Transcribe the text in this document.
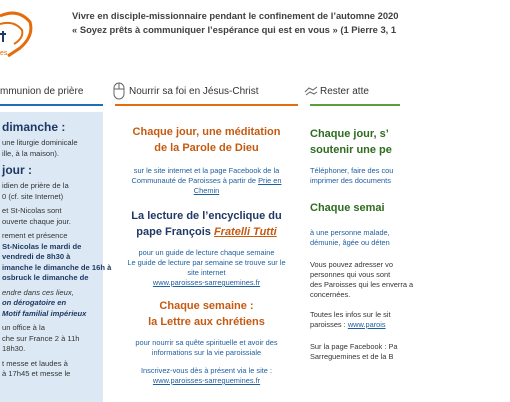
es
Vivre en disciple-missionnaire pendant le confinement de l’automne 2020
« Soyez prêts à communiquer l’espérance qui est en vous » (1 Pierre 3, 1
mmunion de prière	Nourrir sa foi en Jésus-Christ	Rester atte
dimanche :

une liturgie dominicale

ille, à la maison).

jour :

idien de prière de la

0 (cf. site Internet)

et St-Nicolas sont

ouverte chaque jour.

rement et présence

St-Nicolas le mardi de

vendredi de 8h30 à

imanche le dimanche de 16h à

osbruck le dimanche de

endre dans ces lieux,

on dérogatoire en

Motif familial impérieux

un office à la

che sur France 2 à 11h

18h30.

t messe et laudes à

à 17h45 et messe le

Chaque jour, une méditation de la Parole de Dieu
sur le site internet et la page Facebook de la Communauté de Paroisses à partir de Prie en Chemin
La lecture de l’encyclique du pape François Fratelli Tutti
pour un guide de lecture chaque semaine
Le guide de lecture par semaine se trouve sur le site internet
www.paroisses-sarreguemines.fr
Chaque semaine :
la Lettre aux chrétiens
pour nourrir sa quête spirituelle et avoir des informations sur la vie paroissiale
Inscrivez-vous dès à présent via le site :
www.paroisses-sarreguemines.fr
Chaque jour, s’
soutenir une pe
Téléphoner, faire des cou
imprimer des documents
Chaque semai
à une personne malade,
démunie, âgée ou déten
Vous pouvez adresser vo
personnes qui vous sont
des Paroisses qui les enverra a
concernées.
Toutes les infos sur le sit
paroisses : www.parois
Sur la page Facebook : Pa
Sarreguemines et de la B
